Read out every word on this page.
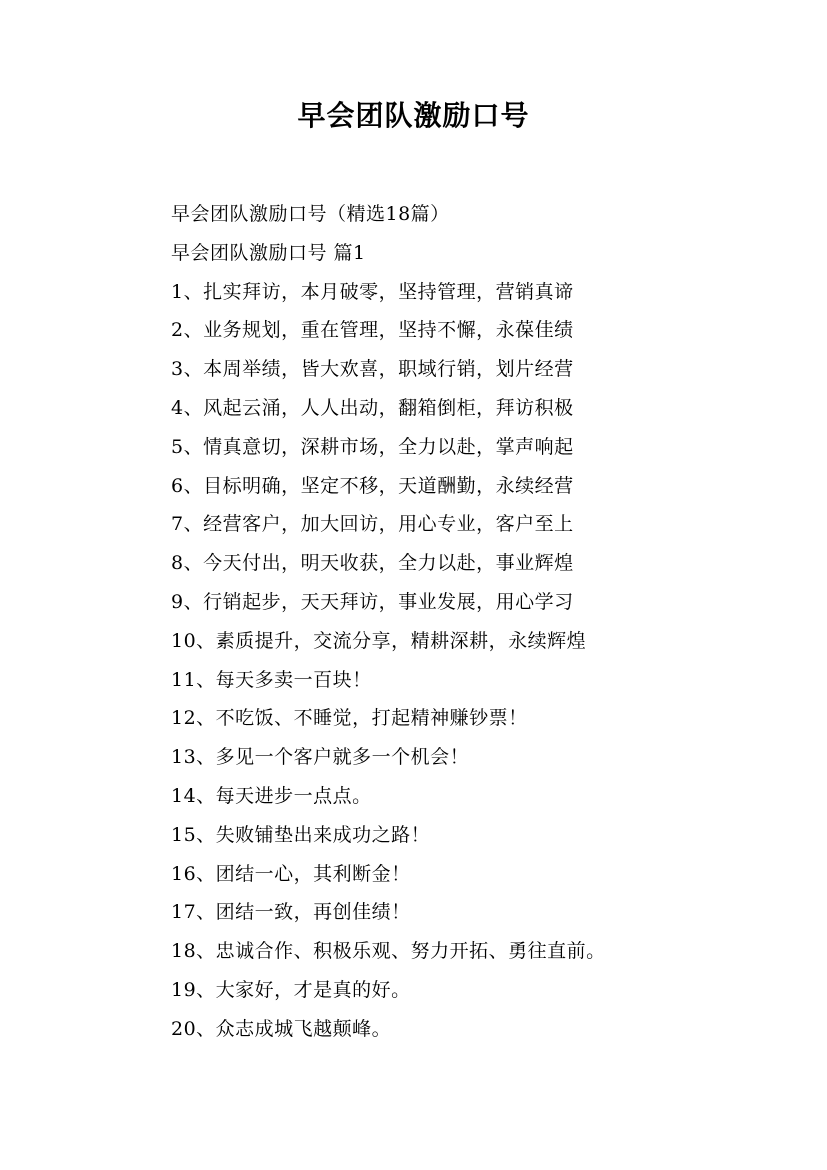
早会团队激励口号
早会团队激励口号（精选18篇）
早会团队激励口号 篇1
1、扎实拜访，本月破零，坚持管理，营销真谛
2、业务规划，重在管理，坚持不懈，永葆佳绩
3、本周举绩，皆大欢喜，职域行销，划片经营
4、风起云涌，人人出动，翻箱倒柜，拜访积极
5、情真意切，深耕市场，全力以赴，掌声响起
6、目标明确，坚定不移，天道酬勤，永续经营
7、经营客户，加大回访，用心专业，客户至上
8、今天付出，明天收获，全力以赴，事业辉煌
9、行销起步，天天拜访，事业发展，用心学习
10、素质提升，交流分享，精耕深耕，永续辉煌
11、每天多卖一百块！
12、不吃饭、不睡觉，打起精神赚钞票！
13、多见一个客户就多一个机会！
14、每天进步一点点。
15、失败铺垫出来成功之路！
16、团结一心，其利断金！
17、团结一致，再创佳绩！
18、忠诚合作、积极乐观、努力开拓、勇往直前。
19、大家好，才是真的好。
20、众志成城飞越颠峰。
